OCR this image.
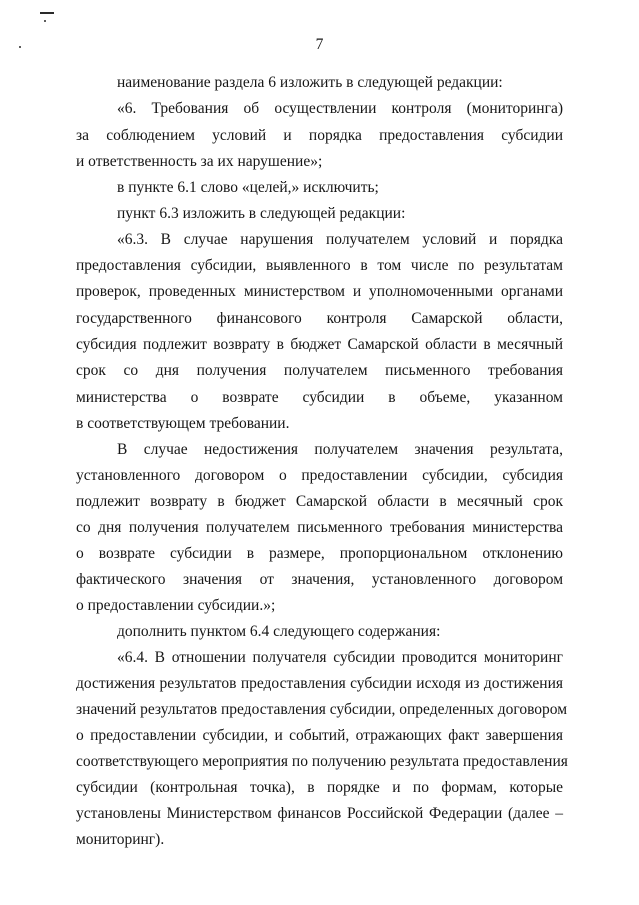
7
наименование раздела 6 изложить в следующей редакции:
«6. Требования об осуществлении контроля (мониторинга)
за соблюдением условий и порядка предоставления субсидии
и ответственность за их нарушение»;
в пункте 6.1 слово «целей,» исключить;
пункт 6.3 изложить в следующей редакции:
«6.3. В случае нарушения получателем условий и порядка
предоставления субсидии, выявленного в том числе по результатам
проверок, проведенных министерством и уполномоченными органами
государственного финансового контроля Самарской области,
субсидия подлежит возврату в бюджет Самарской области в месячный
срок со дня получения получателем письменного требования
министерства о возврате субсидии в объеме, указанном
в соответствующем требовании.
В случае недостижения получателем значения результата,
установленного договором о предоставлении субсидии, субсидия
подлежит возврату в бюджет Самарской области в месячный срок
со дня получения получателем письменного требования министерства
о возврате субсидии в размере, пропорциональном отклонению
фактического значения от значения, установленного договором
о предоставлении субсидии.»;
дополнить пунктом 6.4 следующего содержания:
«6.4. В отношении получателя субсидии проводится мониторинг
достижения результатов предоставления субсидии исходя из достижения
значений результатов предоставления субсидии, определенных договором
о предоставлении субсидии, и событий, отражающих факт завершения
соответствующего мероприятия по получению результата предоставления
субсидии (контрольная точка), в порядке и по формам, которые
установлены Министерством финансов Российской Федерации (далее –
мониторинг).
